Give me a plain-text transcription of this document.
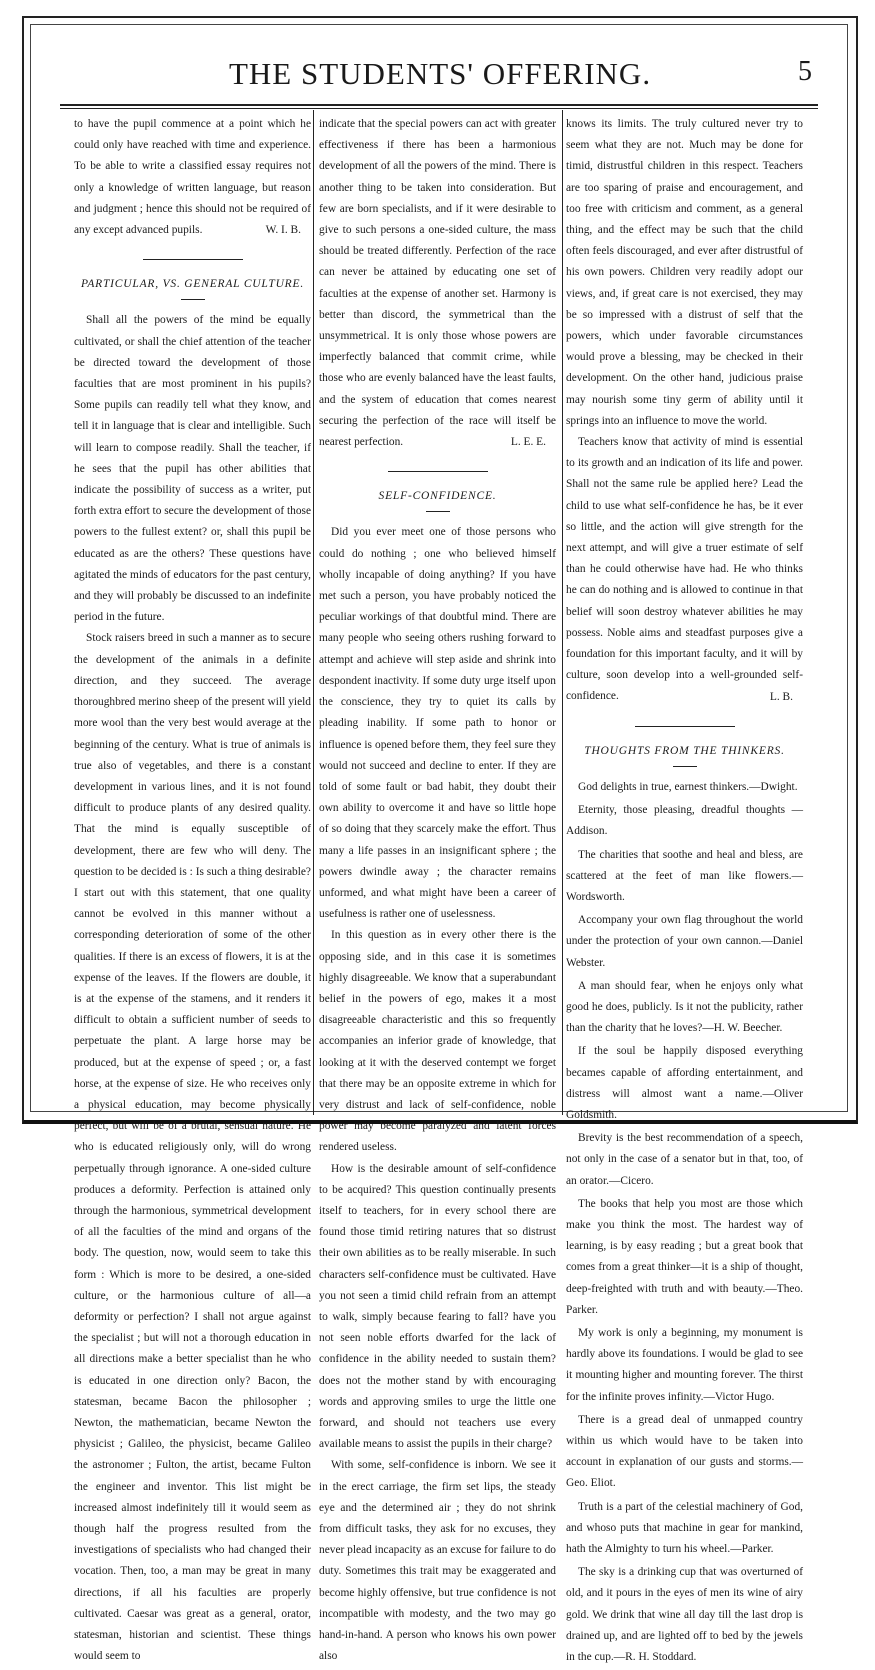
THE STUDENTS' OFFERING.	5

to have the pupil commence at a point which he could only have reached with time and experience. To be able to write a classified essay requires not only a knowledge of written language, but reason and judgment ; hence this should not be required of any except advanced pupils.	W. I. B.
PARTICULAR, VS. GENERAL CULTURE.

Shall all the powers of the mind be equally cultivated, or shall the chief attention of the teacher be directed toward the development of those faculties that are most prominent in his pupils? Some pupils can readily tell what they know, and tell it in language that is clear and intelligible. Such will learn to compose readily. Shall the teacher, if he sees that the pupil has other abilities that indicate the possibility of success as a writer, put forth extra effort to secure the development of those powers to the fullest extent? or, shall this pupil be educated as are the others? These questions have agitated the minds of educators for the past century, and they will probably be discussed to an indefinite period in the future.

Stock raisers breed in such a manner as to secure the development of the animals in a definite direction, and they succeed. The average thoroughbred merino sheep of the present will yield more wool than the very best would average at the beginning of the century. What is true of animals is true also of vegetables, and there is a constant development in various lines, and it is not found difficult to produce plants of any desired quality. That the mind is equally susceptible of development, there are few who will deny. The question to be decided is : Is such a thing desirable? I start out with this statement, that one quality cannot be evolved in this manner without a corresponding deterioration of some of the other qualities. If there is an excess of flowers, it is at the expense of the leaves. If the flowers are double, it is at the expense of the stamens, and it renders it difficult to obtain a sufficient number of seeds to perpetuate the plant. A large horse may be produced, but at the expense of speed ; or, a fast horse, at the expense of size. He who receives only a physical education, may become physically perfect, but will be of a brutal, sensual nature. He who is educated religiously only, will do wrong perpetually through ignorance. A one-sided culture produces a deformity. Perfection is attained only through the harmonious, symmetrical development of all the faculties of the mind and organs of the body. The question, now, would seem to take this form : Which is more to be desired, a one-sided culture, or the harmonious culture of all—a deformity or perfection? I shall not argue against the specialist ; but will not a thorough education in all directions make a better specialist than he who is educated in one direction only? Bacon, the statesman, became Bacon the philosopher ; Newton, the mathematician, became Newton the physicist ; Galileo, the physicist, became Galileo the astronomer ; Fulton, the artist, became Fulton the engineer and inventor. This list might be increased almost indefinitely till it would seem as though half the progress resulted from the investigations of specialists who had changed their vocation. Then, too, a man may be great in many directions, if all his faculties are properly cultivated. Caesar was great as a general, orator, statesman, historian and scientist. These things would seem to

indicate that the special powers can act with greater effectiveness if there has been a harmonious development of all the powers of the mind. There is another thing to be taken into consideration. But few are born specialists, and if it were desirable to give to such persons a one-sided culture, the mass should be treated differently. Perfection of the race can never be attained by educating one set of faculties at the expense of another set. Harmony is better than discord, the symmetrical than the unsymmetrical. It is only those whose powers are imperfectly balanced that commit crime, while those who are evenly balanced have the least faults, and the system of education that comes nearest securing the perfection of the race will itself be nearest perfection.	L. E. E.
SELF-CONFIDENCE.

Did you ever meet one of those persons who could do nothing ; one who believed himself wholly incapable of doing anything? If you have met such a person, you have probably noticed the peculiar workings of that doubtful mind. There are many people who seeing others rushing forward to attempt and achieve will step aside and shrink into despondent inactivity. If some duty urge itself upon the conscience, they try to quiet its calls by pleading inability. If some path to honor or influence is opened before them, they feel sure they would not succeed and decline to enter. If they are told of some fault or bad habit, they doubt their own ability to overcome it and have so little hope of so doing that they scarcely make the effort. Thus many a life passes in an insignificant sphere ; the powers dwindle away ; the character remains unformed, and what might have been a career of usefulness is rather one of uselessness.

In this question as in every other there is the opposing side, and in this case it is sometimes highly disagreeable. We know that a superabundant belief in the powers of ego, makes it a most disagreeable characteristic and this so frequently accompanies an inferior grade of knowledge, that looking at it with the deserved contempt we forget that there may be an opposite extreme in which for very distrust and lack of self-confidence, noble power may become paralyzed and latent forces rendered useless.

How is the desirable amount of self-confidence to be acquired? This question continually presents itself to teachers, for in every school there are found those timid retiring natures that so distrust their own abilities as to be really miserable. In such characters self-confidence must be cultivated. Have you not seen a timid child refrain from an attempt to walk, simply because fearing to fall? have you not seen noble efforts dwarfed for the lack of confidence in the ability needed to sustain them? does not the mother stand by with encouraging words and approving smiles to urge the little one forward, and should not teachers use every available means to assist the pupils in their charge?

With some, self-confidence is inborn. We see it in the erect carriage, the firm set lips, the steady eye and the determined air ; they do not shrink from difficult tasks, they ask for no excuses, they never plead incapacity as an excuse for failure to do duty. Sometimes this trait may be exaggerated and become highly offensive, but true confidence is not incompatible with modesty, and the two may go hand-in-hand. A person who knows his own power also

knows its limits. The truly cultured never try to seem what they are not. Much may be done for timid, distrustful children in this respect. Teachers are too sparing of praise and encouragement, and too free with criticism and comment, as a general thing, and the effect may be such that the child often feels discouraged, and ever after distrustful of his own powers. Children very readily adopt our views, and, if great care is not exercised, they may be so impressed with a distrust of self that the powers, which under favorable circumstances would prove a blessing, may be checked in their development. On the other hand, judicious praise may nourish some tiny germ of ability until it springs into an influence to move the world.

Teachers know that activity of mind is essential to its growth and an indication of its life and power. Shall not the same rule be applied here? Lead the child to use what self-confidence he has, be it ever so little, and the action will give strength for the next attempt, and will give a truer estimate of self than he could otherwise have had. He who thinks he can do nothing and is allowed to continue in that belief will soon destroy whatever abilities he may possess. Noble aims and steadfast purposes give a foundation for this important faculty, and it will by culture, soon develop into a well-grounded self-confidence.	L. B.
THOUGHTS FROM THE THINKERS.

God delights in true, earnest thinkers.—Dwight.

Eternity, those pleasing, dreadful thoughts —Addison.

The charities that soothe and heal and bless, are scattered at the feet of man like flowers.—Wordsworth.

Accompany your own flag throughout the world under the protection of your own cannon.—Daniel Webster.

A man should fear, when he enjoys only what good he does, publicly. Is it not the publicity, rather than the charity that he loves?—H. W. Beecher.

If the soul be happily disposed everything becames capable of affording entertainment, and distress will almost want a name.—Oliver Goldsmith.

Brevity is the best recommendation of a speech, not only in the case of a senator but in that, too, of an orator.—Cicero.

The books that help you most are those which make you think the most. The hardest way of learning, is by easy reading ; but a great book that comes from a great thinker—it is a ship of thought, deep-freighted with truth and with beauty.—Theo. Parker.

My work is only a beginning, my monument is hardly above its foundations. I would be glad to see it mounting higher and mounting forever. The thirst for the infinite proves infinity.—Victor Hugo.

There is a gread deal of unmapped country within us which would have to be taken into account in explanation of our gusts and storms.—Geo. Eliot.

Truth is a part of the celestial machinery of God, and whoso puts that machine in gear for mankind, hath the Almighty to turn his wheel.—Parker.

The sky is a drinking cup that was overturned of old, and it pours in the eyes of men its wine of airy gold. We drink that wine all day till the last drop is drained up, and are lighted off to bed by the jewels in the cup.—R. H. Stoddard.
